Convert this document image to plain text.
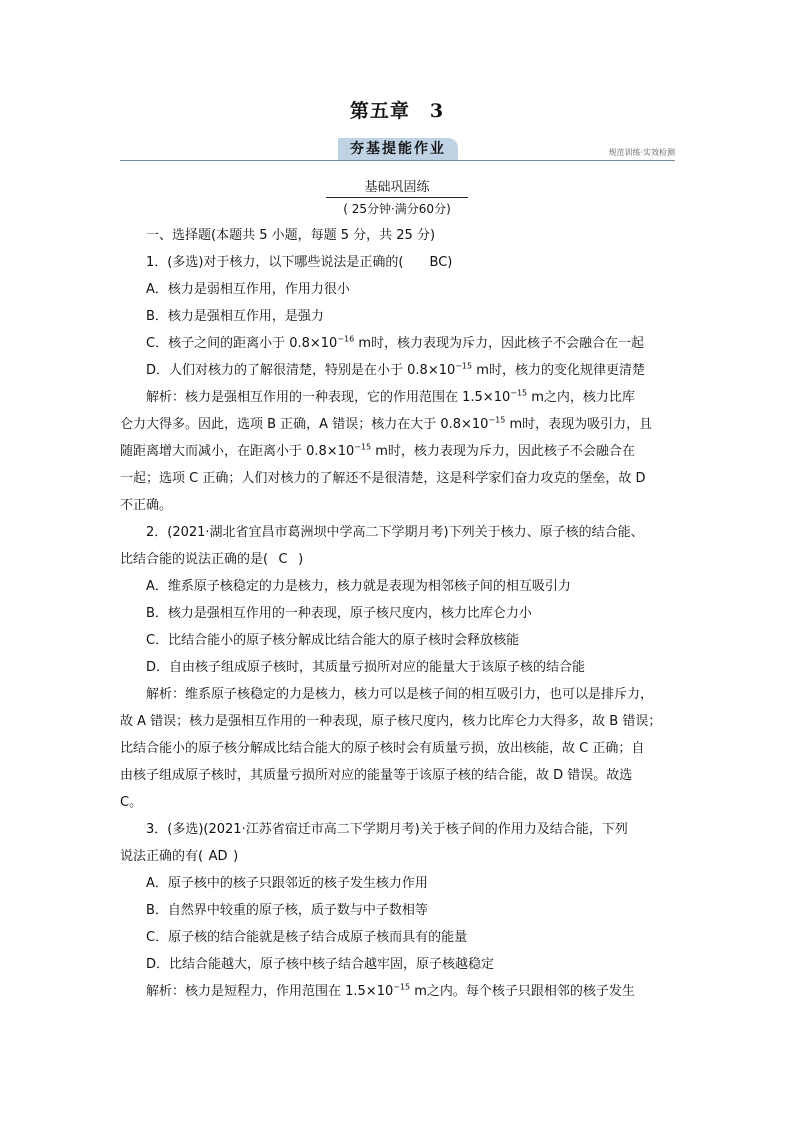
第五章　3
夯基提能作业	规范训练·实效检测
基础巩固练
( 25分钟·满分60分)

一、选择题(本题共 5 小题，每题 5 分，共 25 分)

1．(多选)对于核力，以下哪些说法是正确的( BC)

A．核力是弱相互作用，作用力很小

B．核力是强相互作用，是强力

C．核子之间的距离小于 $0.8\times 10^{-16}$ m时，核力表现为斥力，因此核子不会融合在一起

D．人们对核力的了解很清楚，特别是在小于 $0.8\times 10^{-15}$ m时，核力的变化规律更清楚

解析：核力是强相互作用的一种表现，它的作用范围在 $1.5\times 10^{-15}$ m之内，核力比库

仑力大得多。因此，选项 B 正确，A 错误；核力在大于 $0.8\times 10^{-15}$ m时，表现为吸引力，且

随距离增大而减小，在距离小于 $0.8\times 10^{-15}$ m时，核力表现为斥力，因此核子不会融合在

一起；选项 C 正确；人们对核力的了解还不是很清楚，这是科学家们奋力攻克的堡垒，故 D

不正确。

2．(2021·湖北省宜昌市葛洲坝中学高二下学期月考)下列关于核力、原子核的结合能、

比结合能的说法正确的是( C )

A．维系原子核稳定的力是核力，核力就是表现为相邻核子间的相互吸引力

B．核力是强相互作用的一种表现，原子核尺度内，核力比库仑力小

C．比结合能小的原子核分解成比结合能大的原子核时会释放核能

D．自由核子组成原子核时，其质量亏损所对应的能量大于该原子核的结合能

解析：维系原子核稳定的力是核力，核力可以是核子间的相互吸引力，也可以是排斥力，

故 A 错误；核力是强相互作用的一种表现，原子核尺度内，核力比库仑力大得多，故 B 错误；

比结合能小的原子核分解成比结合能大的原子核时会有质量亏损，放出核能，故 C 正确；自

由核子组成原子核时，其质量亏损所对应的能量等于该原子核的结合能，故 D 错误。故选

C。

3．(多选)(2021·江苏省宿迁市高二下学期月考)关于核子间的作用力及结合能，下列

说法正确的有( AD )

A．原子核中的核子只跟邻近的核子发生核力作用

B．自然界中较重的原子核，质子数与中子数相等

C．原子核的结合能就是核子结合成原子核而具有的能量

D．比结合能越大，原子核中核子结合越牢固，原子核越稳定

解析：核力是短程力，作用范围在 $1.5\times 10^{-15}$ m之内。每个核子只跟相邻的核子发生
